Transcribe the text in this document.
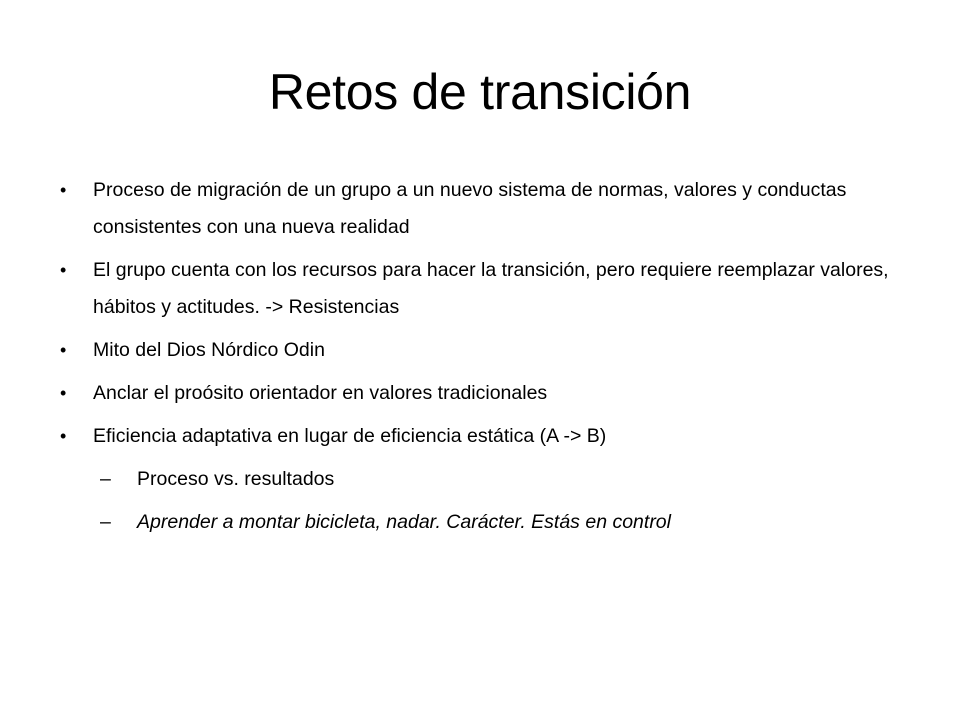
Retos de transición
•	Proceso de migración de un grupo a un nuevo sistema de normas, valores y conductas consistentes con una nueva realidad
•	El grupo cuenta con los recursos para hacer la transición, pero requiere reemplazar valores, hábitos y actitudes. -> Resistencias
•	Mito del Dios Nórdico Odin
•	Anclar el proósito orientador en valores tradicionales
•	Eficiencia adaptativa en lugar de eficiencia estática (A -> B)
–	Proceso vs. resultados
–	Aprender a montar bicicleta, nadar. Carácter. Estás en control
